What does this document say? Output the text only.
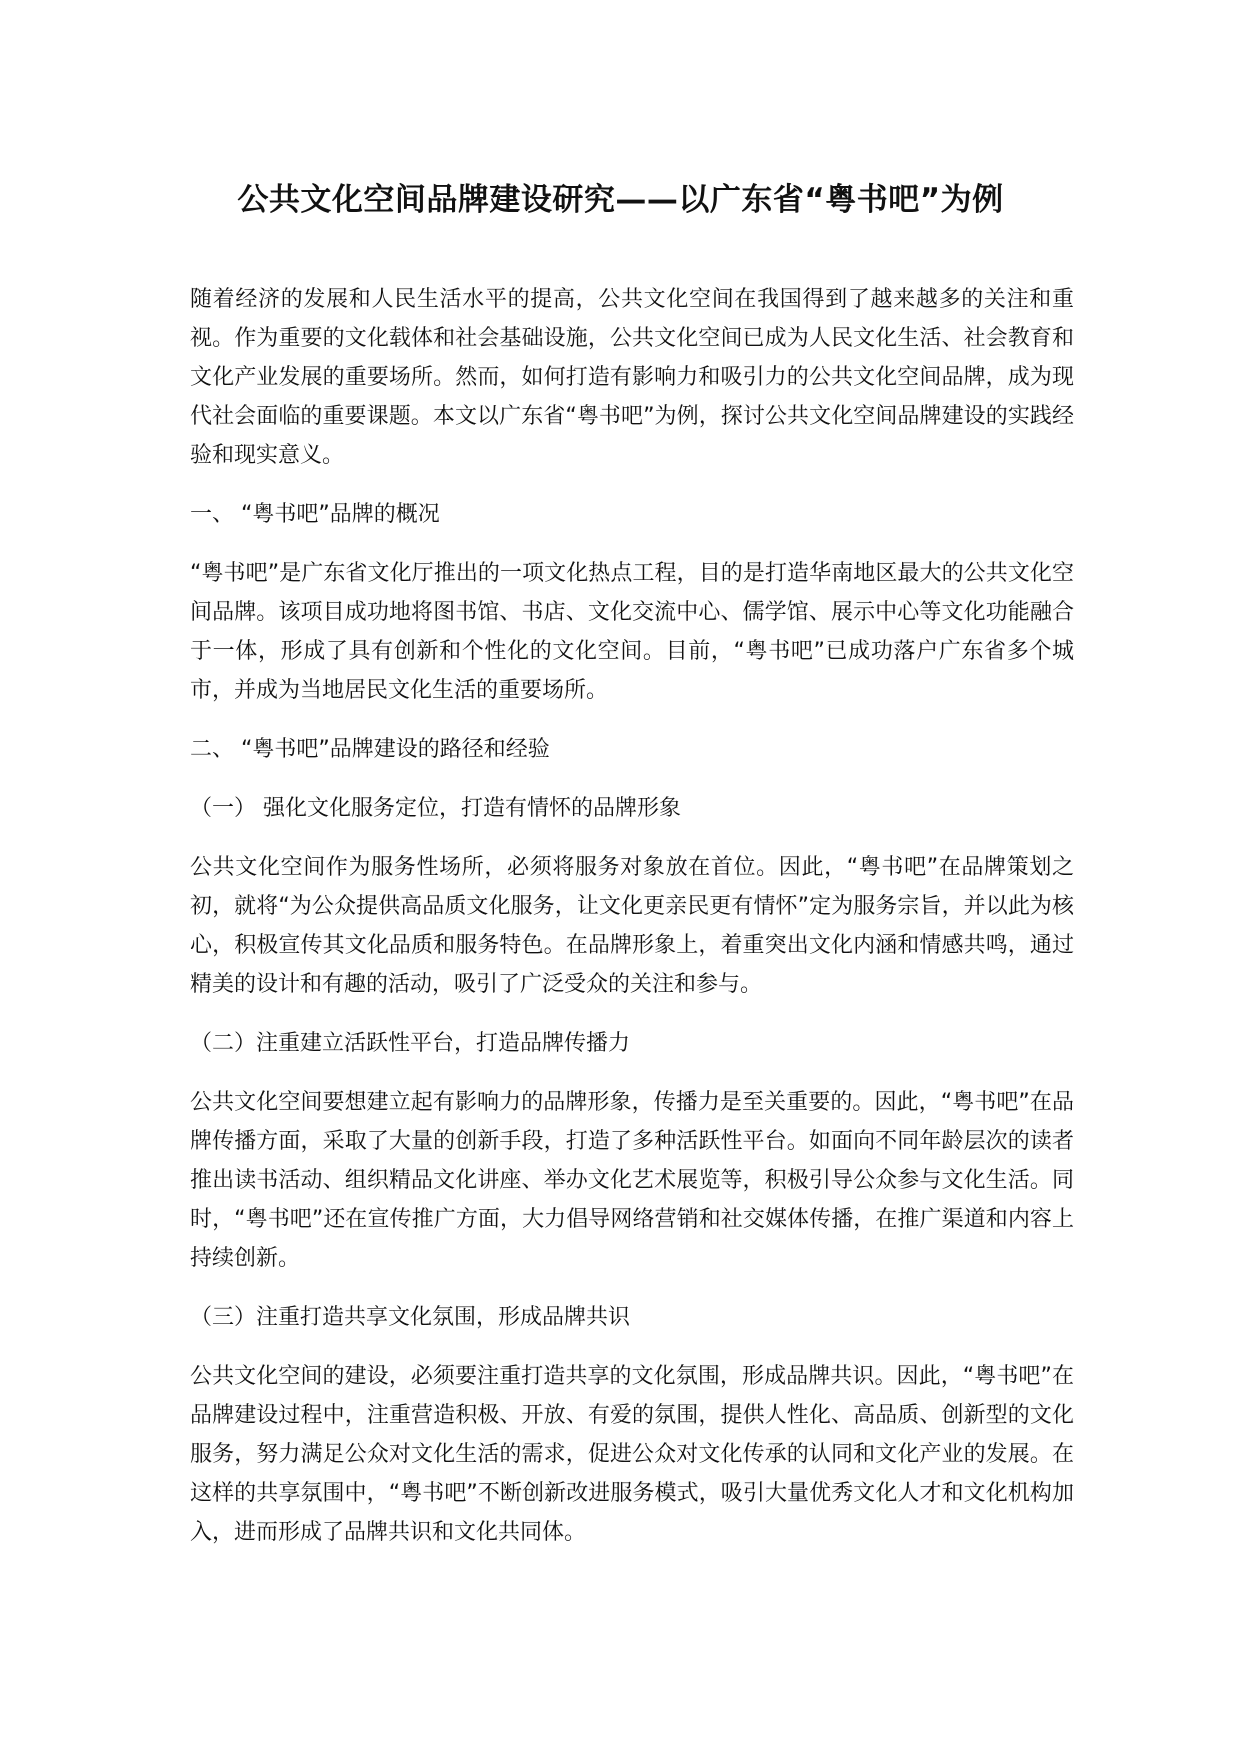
公共文化空间品牌建设研究——以广东省“粤书吧”为例

随着经济的发展和人民生活水平的提高，公共文化空间在我国得到了越来越多的关注和重视。作为重要的文化载体和社会基础设施，公共文化空间已成为人民文化生活、社会教育和文化产业发展的重要场所。然而，如何打造有影响力和吸引力的公共文化空间品牌，成为现代社会面临的重要课题。本文以广东省“粤书吧”为例，探讨公共文化空间品牌建设的实践经验和现实意义。

一、 “粤书吧”品牌的概况

“粤书吧”是广东省文化厅推出的一项文化热点工程，目的是打造华南地区最大的公共文化空间品牌。该项目成功地将图书馆、书店、文化交流中心、儒学馆、展示中心等文化功能融合于一体，形成了具有创新和个性化的文化空间。目前，“粤书吧”已成功落户广东省多个城市，并成为当地居民文化生活的重要场所。

二、 “粤书吧”品牌建设的路径和经验

（一） 强化文化服务定位，打造有情怀的品牌形象

公共文化空间作为服务性场所，必须将服务对象放在首位。因此，“粤书吧”在品牌策划之初，就将“为公众提供高品质文化服务，让文化更亲民更有情怀”定为服务宗旨，并以此为核心，积极宣传其文化品质和服务特色。在品牌形象上，着重突出文化内涵和情感共鸣，通过精美的设计和有趣的活动，吸引了广泛受众的关注和参与。

（二）注重建立活跃性平台，打造品牌传播力

公共文化空间要想建立起有影响力的品牌形象，传播力是至关重要的。因此，“粤书吧”在品牌传播方面，采取了大量的创新手段，打造了多种活跃性平台。如面向不同年龄层次的读者推出读书活动、组织精品文化讲座、举办文化艺术展览等，积极引导公众参与文化生活。同时，“粤书吧”还在宣传推广方面，大力倡导网络营销和社交媒体传播，在推广渠道和内容上持续创新。

（三）注重打造共享文化氛围，形成品牌共识

公共文化空间的建设，必须要注重打造共享的文化氛围，形成品牌共识。因此，“粤书吧”在品牌建设过程中，注重营造积极、开放、有爱的氛围，提供人性化、高品质、创新型的文化服务，努力满足公众对文化生活的需求，促进公众对文化传承的认同和文化产业的发展。在这样的共享氛围中，“粤书吧”不断创新改进服务模式，吸引大量优秀文化人才和文化机构加入，进而形成了品牌共识和文化共同体。
